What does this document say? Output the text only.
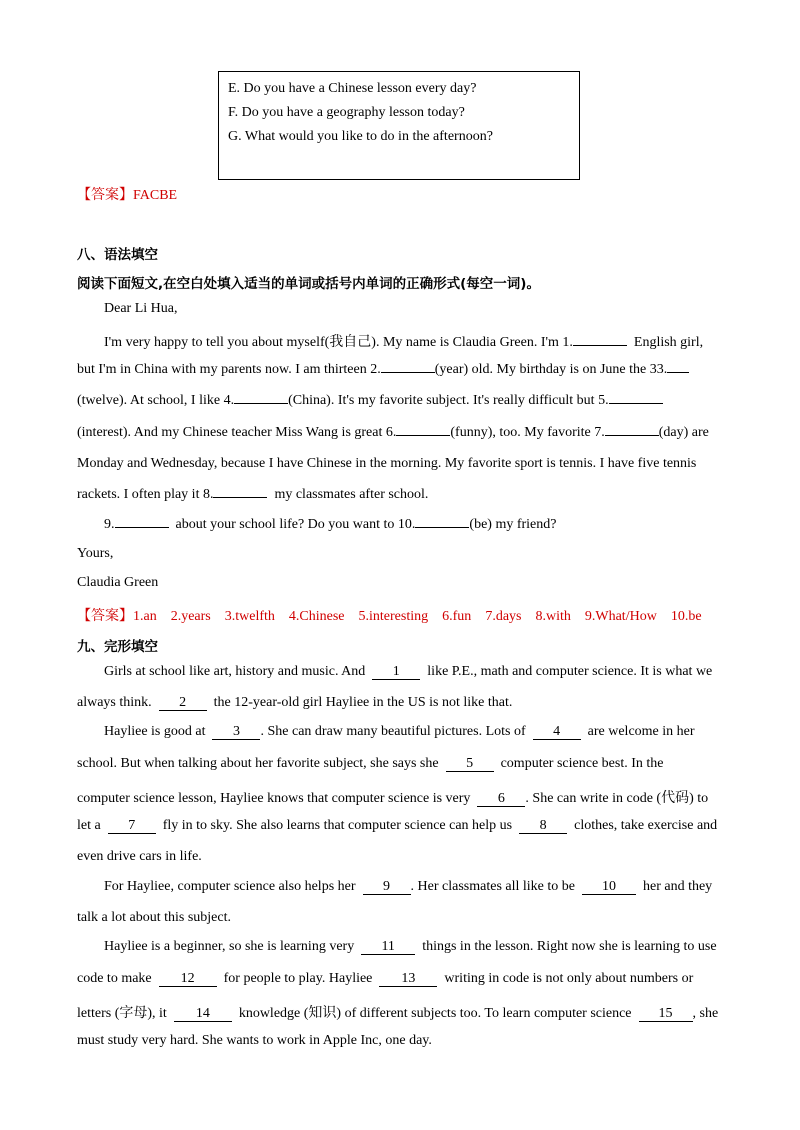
E. Do you have a Chinese lesson every day?
F. Do you have a geography lesson today?
G. What would you like to do in the afternoon?
【答案】FACBE
八、语法填空
阅读下面短文,在空白处填入适当的单词或括号内单词的正确形式(每空一词)。
Dear Li Hua,
I'm very happy to tell you about myself(我自己). My name is Claudia Green. I'm 1.	English girl,
but I'm in China with my parents now. I am thirteen 2.	(year) old. My birthday is on June the 33.
(twelve). At school, I like 4.	(China). It's my favorite subject. It's really difficult but 5.
(interest). And my Chinese teacher Miss Wang is great 6.	(funny), too. My favorite 7.	(day) are
Monday and Wednesday, because I have Chinese in the morning. My favorite sport is tennis. I have five tennis
rackets. I often play it 8.	my classmates after school.
9.	about your school life? Do you want to 10.	(be) my friend?
Yours,
Claudia Green
【答案】1.an 2.years 3.twelfth 4.Chinese 5.interesting 6.fun 7.days 8.with 9.What/How 10.be
九、完形填空
Girls at school like art, history and music. And 1 like P.E., math and computer science. It is what we
always think. 2 the 12-year-old girl Hayliee in the US is not like that.
Hayliee is good at 3 . She can draw many beautiful pictures. Lots of 4 are welcome in her
school. But when talking about her favorite subject, she says she 5 computer science best. In the
computer science lesson, Hayliee knows that computer science is very 6 . She can write in code (代码) to
let a 7 fly in to sky. She also learns that computer science can help us 8 clothes, take exercise and
even drive cars in life.
For Hayliee, computer science also helps her 9 . Her classmates all like to be 10 her and they
talk a lot about this subject.
Hayliee is a beginner, so she is learning very 11 things in the lesson. Right now she is learning to use
code to make 12 for people to play. Hayliee 13 writing in code is not only about numbers or
letters (字母), it 14 knowledge (知识) of different subjects too. To learn computer science 15 , she
must study very hard. She wants to work in Apple Inc, one day.
